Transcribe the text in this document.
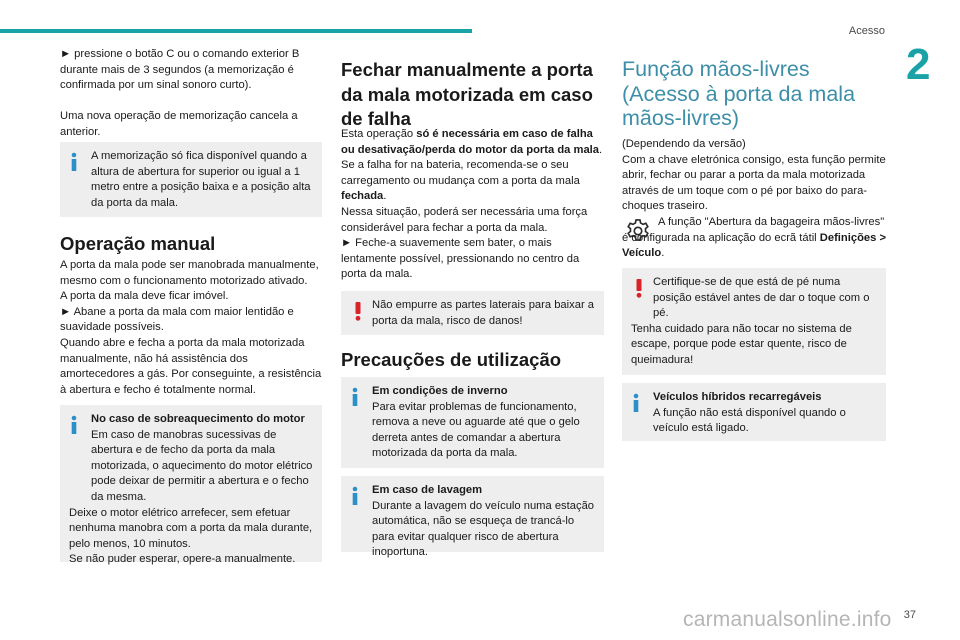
Acesso
2

► pressione o botão C ou o comando exterior B durante mais de 3 segundos (a memorização é confirmada por um sinal sonoro curto).

Uma nova operação de memorização cancela a anterior.

A memorização só fica disponível quando a altura de abertura for superior ou igual a 1 metro entre a posição baixa e a posição alta da porta da mala.
Operação manual

A porta da mala pode ser manobrada manualmente, mesmo com o funcionamento motorizado ativado.

A porta da mala deve ficar imóvel.

► Abane a porta da mala com maior lentidão e suavidade possíveis.

Quando abre e fecha a porta da mala motorizada manualmente, não há assistência dos amortecedores a gás. Por conseguinte, a resistência à abertura e fecho é totalmente normal.

No caso de sobreaquecimento do motor
Em caso de manobras sucessivas de abertura e de fecho da porta da mala motorizada, o aquecimento do motor elétrico pode deixar de permitir a abertura e o fecho da mesma.
Deixe o motor elétrico arrefecer, sem efetuar nenhuma manobra com a porta da mala durante, pelo menos, 10 minutos.
Se não puder esperar, opere-a manualmente.
Fechar manualmente a porta da mala motorizada em caso de falha

Esta operação só é necessária em caso de falha ou desativação/perda do motor da porta da mala.

Se a falha for na bateria, recomenda-se o seu carregamento ou mudança com a porta da mala fechada.

Nessa situação, poderá ser necessária uma força considerável para fechar a porta da mala.

► Feche-a suavemente sem bater, o mais lentamente possível, pressionando no centro da porta da mala.

Não empurre as partes laterais para baixar a porta da mala, risco de danos!
Precauções de utilização
Em condições de inverno
Para evitar problemas de funcionamento, remova a neve ou aguarde até que o gelo derreta antes de comandar a abertura motorizada da porta da mala.
Em caso de lavagem
Durante a lavagem do veículo numa estação automática, não se esqueça de trancá-lo para evitar qualquer risco de abertura inoportuna.
Função mãos-livres (Acesso à porta da mala mãos-livres)

(Dependendo da versão)

Com a chave eletrónica consigo, esta função permite abrir, fechar ou parar a porta da mala motorizada através de um toque com o pé por baixo do para-choques traseiro.

A função "Abertura da bagageira mãos-livres" é configurada na aplicação do ecrã tátil Definições > Veículo.

Certifique-se de que está de pé numa posição estável antes de dar o toque com o pé.
Tenha cuidado para não tocar no sistema de escape, porque pode estar quente, risco de queimadura!
Veículos híbridos recarregáveis
A função não está disponível quando o veículo está ligado.
carmanualsonline.info 37
